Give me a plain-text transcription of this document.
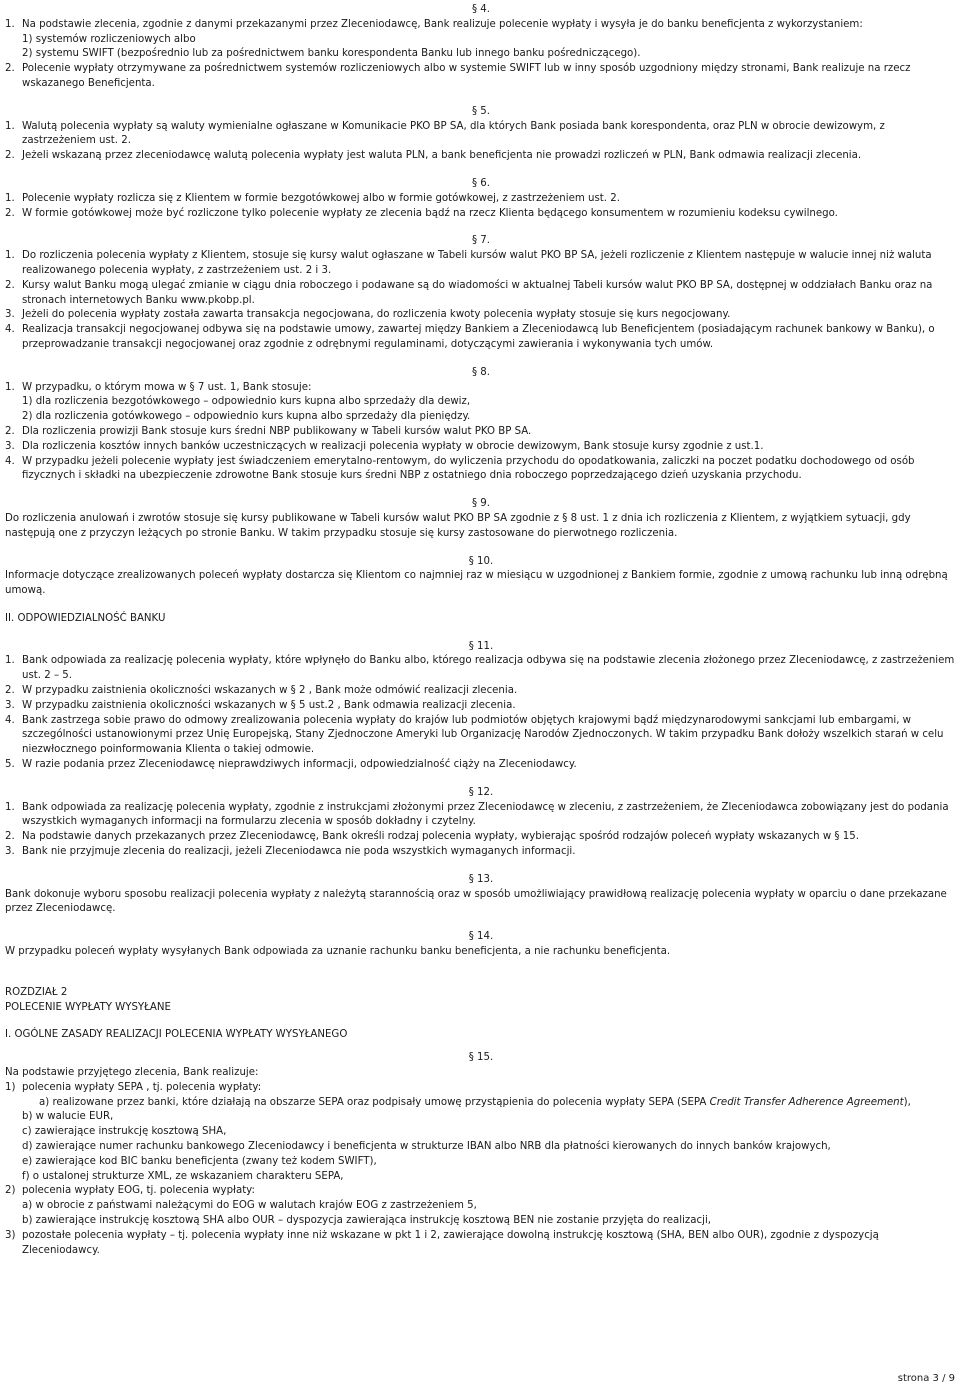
§ 4.

1. Na podstawie zlecenia, zgodnie z danymi przekazanymi przez Zleceniodawcę, Bank realizuje polecenie wypłaty i wysyła je do banku beneficjenta z wykorzystaniem:
1) systemów rozliczeniowych albo
2) systemu SWIFT (bezpośrednio lub za pośrednictwem banku korespondenta Banku lub innego banku pośredniczącego).
2. Polecenie wypłaty otrzymywane za pośrednictwem systemów rozliczeniowych albo w systemie SWIFT lub w inny sposób uzgodniony między stronami, Bank realizuje na rzecz wskazanego Beneficjenta.

§ 5.

1. Walutą polecenia wypłaty są waluty wymienialne ogłaszane w Komunikacie PKO BP SA, dla których Bank posiada bank korespondenta, oraz PLN w obrocie dewizowym, z zastrzeżeniem ust. 2.
2. Jeżeli wskazaną przez zleceniodawcę walutą polecenia wypłaty jest waluta PLN, a bank beneficjenta nie prowadzi rozliczeń w PLN, Bank odmawia realizacji zlecenia.

§ 6.

1. Polecenie wypłaty rozlicza się z Klientem w formie bezgotówkowej albo w formie gotówkowej, z zastrzeżeniem ust. 2.
2. W formie gotówkowej może być rozliczone tylko polecenie wypłaty ze zlecenia bądź na rzecz Klienta będącego konsumentem w rozumieniu kodeksu cywilnego.

§ 7.

1. Do rozliczenia polecenia wypłaty z Klientem, stosuje się kursy walut ogłaszane w Tabeli kursów walut PKO BP SA, jeżeli rozliczenie z Klientem następuje w walucie innej niż waluta realizowanego polecenia wypłaty, z zastrzeżeniem ust. 2 i 3.
2. Kursy walut Banku mogą ulegać zmianie w ciągu dnia roboczego i podawane są do wiadomości w aktualnej Tabeli kursów walut PKO BP SA, dostępnej w oddziałach Banku oraz na stronach internetowych Banku www.pkobp.pl.
3. Jeżeli do polecenia wypłaty została zawarta transakcja negocjowana, do rozliczenia kwoty polecenia wypłaty stosuje się kurs negocjowany.
4. Realizacja transakcji negocjowanej odbywa się na podstawie umowy, zawartej między Bankiem a Zleceniodawcą lub Beneficjentem (posiadającym rachunek bankowy w Banku), o przeprowadzanie transakcji negocjowanej oraz zgodnie z odrębnymi regulaminami, dotyczącymi zawierania i wykonywania tych umów.

§ 8.

1. W przypadku, o którym mowa w § 7 ust. 1, Bank stosuje:
1) dla rozliczenia bezgotówkowego – odpowiednio kurs kupna albo sprzedaży dla dewiz,
2) dla rozliczenia gotówkowego – odpowiednio kurs kupna albo sprzedaży dla pieniędzy.
2. Dla rozliczenia prowizji Bank stosuje kurs średni NBP publikowany w Tabeli kursów walut PKO BP SA.
3. Dla rozliczenia kosztów innych banków uczestniczących w realizacji polecenia wypłaty w obrocie dewizowym, Bank stosuje kursy zgodnie z ust.1.
4. W przypadku jeżeli polecenie wypłaty jest świadczeniem emerytalno-rentowym, do wyliczenia przychodu do opodatkowania, zaliczki na poczet podatku dochodowego od osób fizycznych i składki na ubezpieczenie zdrowotne Bank stosuje kurs średni NBP z ostatniego dnia roboczego poprzedzającego dzień uzyskania przychodu.

§ 9.

Do rozliczenia anulowań i zwrotów stosuje się kursy publikowane w Tabeli kursów walut PKO BP SA zgodnie z § 8 ust. 1 z dnia ich rozliczenia z Klientem, z wyjątkiem sytuacji, gdy następują one z przyczyn leżących po stronie Banku. W takim przypadku stosuje się kursy zastosowane do pierwotnego rozliczenia.

§ 10.

Informacje dotyczące zrealizowanych poleceń wypłaty dostarcza się Klientom co najmniej raz w miesiącu w uzgodnionej z Bankiem formie, zgodnie z umową rachunku lub inną odrębną umową.
II. ODPOWIEDZIALNOŚĆ BANKU

§ 11.

1. Bank odpowiada za realizację polecenia wypłaty, które wpłynęło do Banku albo, którego realizacja odbywa się na podstawie zlecenia złożonego przez Zleceniodawcę, z zastrzeżeniem ust. 2 – 5.
2. W przypadku zaistnienia okoliczności wskazanych w § 2 , Bank może odmówić realizacji zlecenia.
3. W przypadku zaistnienia okoliczności wskazanych w § 5 ust.2 , Bank odmawia realizacji zlecenia.
4. Bank zastrzega sobie prawo do odmowy zrealizowania polecenia wypłaty do krajów lub podmiotów objętych krajowymi bądź międzynarodowymi sankcjami lub embargami, w szczególności ustanowionymi przez Unię Europejską, Stany Zjednoczone Ameryki lub Organizację Narodów Zjednoczonych. W takim przypadku Bank dołoży wszelkich starań w celu niezwłocznego poinformowania Klienta o takiej odmowie.
5. W razie podania przez Zleceniodawcę nieprawdziwych informacji, odpowiedzialność ciąży na Zleceniodawcy.

§ 12.

1. Bank odpowiada za realizację polecenia wypłaty, zgodnie z instrukcjami złożonymi przez Zleceniodawcę w zleceniu, z zastrzeżeniem, że Zleceniodawca zobowiązany jest do podania wszystkich wymaganych informacji na formularzu zlecenia w sposób dokładny i czytelny.
2. Na podstawie danych przekazanych przez Zleceniodawcę, Bank określi rodzaj polecenia wypłaty, wybierając spośród rodzajów poleceń wypłaty wskazanych w § 15.
3. Bank nie przyjmuje zlecenia do realizacji, jeżeli Zleceniodawca nie poda wszystkich wymaganych informacji.

§ 13.

Bank dokonuje wyboru sposobu realizacji polecenia wypłaty z należytą starannością oraz w sposób umożliwiający prawidłową realizację polecenia wypłaty w oparciu o dane przekazane przez Zleceniodawcę.

§ 14.

W przypadku poleceń wypłaty wysyłanych Bank odpowiada za uznanie rachunku banku beneficjenta, a nie rachunku beneficjenta.
ROZDZIAŁ 2
POLECENIE WYPŁATY WYSYŁANE
I. OGÓLNE ZASADY REALIZACJI POLECENIA WYPŁATY WYSYŁANEGO

§ 15.

Na podstawie przyjętego zlecenia, Bank realizuje:
1) polecenia wypłaty SEPA , tj. polecenia wypłaty:
a) realizowane przez banki, które działają na obszarze SEPA oraz podpisały umowę przystąpienia do polecenia wypłaty SEPA (SEPA Credit Transfer Adherence Agreement),
b) w walucie EUR,
c) zawierające instrukcję kosztową SHA,
d) zawierające numer rachunku bankowego Zleceniodawcy i beneficjenta w strukturze IBAN albo NRB dla płatności kierowanych do innych banków krajowych,
e) zawierające kod BIC banku beneficjenta (zwany też kodem SWIFT),
f) o ustalonej strukturze XML, ze wskazaniem charakteru SEPA,
2) polecenia wypłaty EOG, tj. polecenia wypłaty:
a) w obrocie z państwami należącymi do EOG w walutach krajów EOG z zastrzeżeniem 5,
b) zawierające instrukcję kosztową SHA albo OUR – dyspozycja zawierająca instrukcję kosztową BEN nie zostanie przyjęta do realizacji,
3) pozostałe polecenia wypłaty – tj. polecenia wypłaty inne niż wskazane w pkt 1 i 2, zawierające dowolną instrukcję kosztową (SHA, BEN albo OUR), zgodnie z dyspozycją Zleceniodawcy.
strona 3 / 9
